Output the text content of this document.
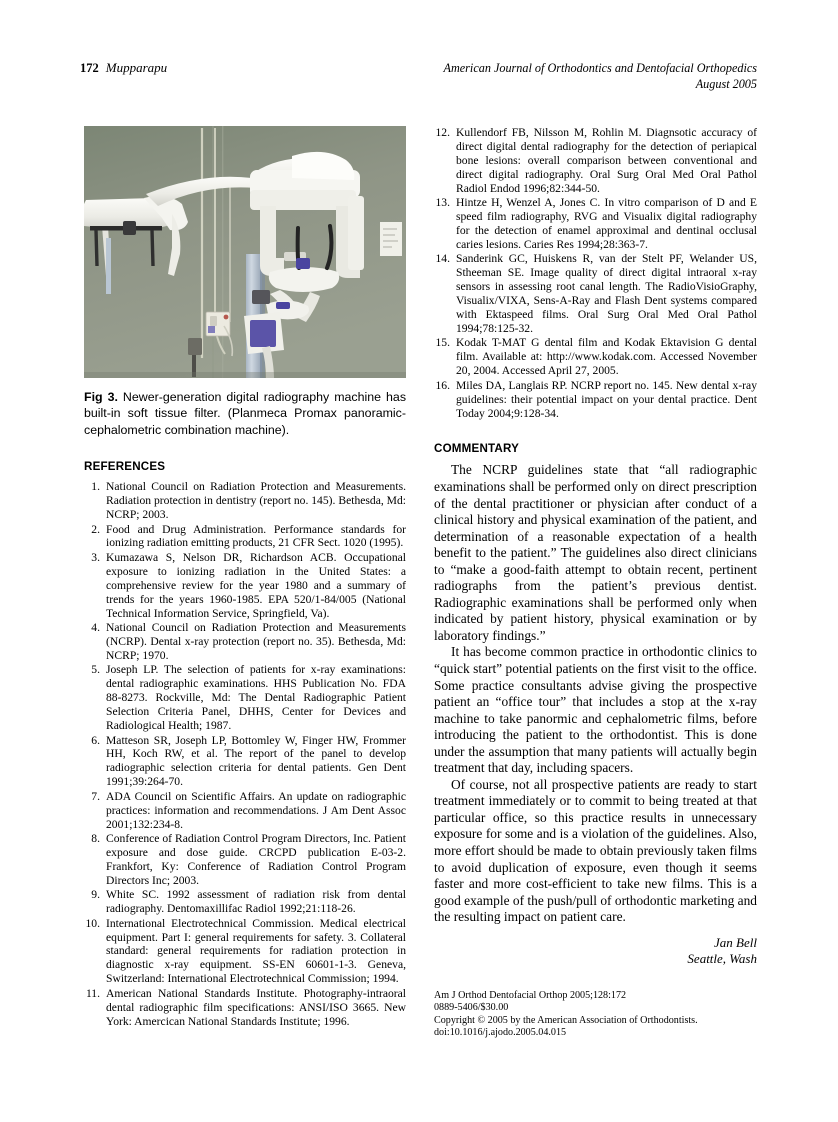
172 Mupparapu	American Journal of Orthodontics and Dentofacial Orthopedics
August 2005
Fig 3. Newer-generation digital radiography machine has built-in soft tissue filter. (Planmeca Promax panoramic-cephalometric combination machine).
REFERENCES
1. National Council on Radiation Protection and Measurements. Radiation protection in dentistry (report no. 145). Bethesda, Md: NCRP; 2003.
2. Food and Drug Administration. Performance standards for ionizing radiation emitting products, 21 CFR Sect. 1020 (1995).
3. Kumazawa S, Nelson DR, Richardson ACB. Occupational exposure to ionizing radiation in the United States: a comprehensive review for the year 1980 and a summary of trends for the years 1960-1985. EPA 520/1-84/005 (National Technical Information Service, Springfield, Va).
4. National Council on Radiation Protection and Measurements (NCRP). Dental x-ray protection (report no. 35). Bethesda, Md: NCRP; 1970.
5. Joseph LP. The selection of patients for x-ray examinations: dental radiographic examinations. HHS Publication No. FDA 88-8273. Rockville, Md: The Dental Radiographic Patient Selection Criteria Panel, DHHS, Center for Devices and Radiological Health; 1987.
6. Matteson SR, Joseph LP, Bottomley W, Finger HW, Frommer HH, Koch RW, et al. The report of the panel to develop radiographic selection criteria for dental patients. Gen Dent 1991;39:264-70.
7. ADA Council on Scientific Affairs. An update on radiographic practices: information and recommendations. J Am Dent Assoc 2001;132:234-8.
8. Conference of Radiation Control Program Directors, Inc. Patient exposure and dose guide. CRCPD publication E-03-2. Frankfort, Ky: Conference of Radiation Control Program Directors Inc; 2003.
9. White SC. 1992 assessment of radiation risk from dental radiography. Dentomaxillifac Radiol 1992;21:118-26.
10. International Electrotechnical Commission. Medical electrical equipment. Part I: general requirements for safety. 3. Collateral standard: general requirements for radiation protection in diagnostic x-ray equipment. SS-EN 60601-1-3. Geneva, Switzerland: International Electrotechnical Commission; 1994.
11. American National Standards Institute. Photography-intraoral dental radiographic film specifications: ANSI/ISO 3665. New York: Amercican National Standards Institute; 1996.
12. Kullendorf FB, Nilsson M, Rohlin M. Diagnsotic accuracy of direct digital dental radiography for the detection of periapical bone lesions: overall comparison between conventional and direct digital radiography. Oral Surg Oral Med Oral Pathol Radiol Endod 1996;82:344-50.
13. Hintze H, Wenzel A, Jones C. In vitro comparison of D and E speed film radiography, RVG and Visualix digital radiography for the detection of enamel approximal and dentinal occlusal caries lesions. Caries Res 1994;28:363-7.
14. Sanderink GC, Huiskens R, van der Stelt PF, Welander US, Stheeman SE. Image quality of direct digital intraoral x-ray sensors in assessing root canal length. The RadioVisioGraphy, Visualix/VIXA, Sens-A-Ray and Flash Dent systems compared with Ektaspeed films. Oral Surg Oral Med Oral Pathol 1994;78:125-32.
15. Kodak T-MAT G dental film and Kodak Ektavision G dental film. Available at: http://www.kodak.com. Accessed November 20, 2004. Accessed April 27, 2005.
16. Miles DA, Langlais RP. NCRP report no. 145. New dental x-ray guidelines: their potential impact on your dental practice. Dent Today 2004;9:128-34.
COMMENTARY

The NCRP guidelines state that “all radiographic examinations shall be performed only on direct prescription of the dental practitioner or physician after conduct of a clinical history and physical examination of the patient, and determination of a reasonable expectation of a health benefit to the patient.” The guidelines also direct clinicians to “make a good-faith attempt to obtain recent, pertinent radiographs from the patient’s previous dentist. Radiographic examinations shall be performed only when indicated by patient history, physical examination or by laboratory findings.”

It has become common practice in orthodontic clinics to “quick start” potential patients on the first visit to the office. Some practice consultants advise giving the prospective patient an “office tour” that includes a stop at the x-ray machine to take panormic and cephalometric films, before introducing the patient to the orthodontist. This is done under the assumption that many patients will actually begin treatment that day, including spacers.

Of course, not all prospective patients are ready to start treatment immediately or to commit to being treated at that particular office, so this practice results in unnecessary exposure for some and is a violation of the guidelines. Also, more effort should be made to obtain previously taken films to avoid duplication of exposure, even though it seems faster and more cost-efficient to take new films. This is a good example of the push/pull of orthodontic marketing and the resulting impact on patient care.

Jan Bell
Seattle, Wash
Am J Orthod Dentofacial Orthop 2005;128:172
0889-5406/$30.00
Copyright © 2005 by the American Association of Orthodontists.
doi:10.1016/j.ajodo.2005.04.015
